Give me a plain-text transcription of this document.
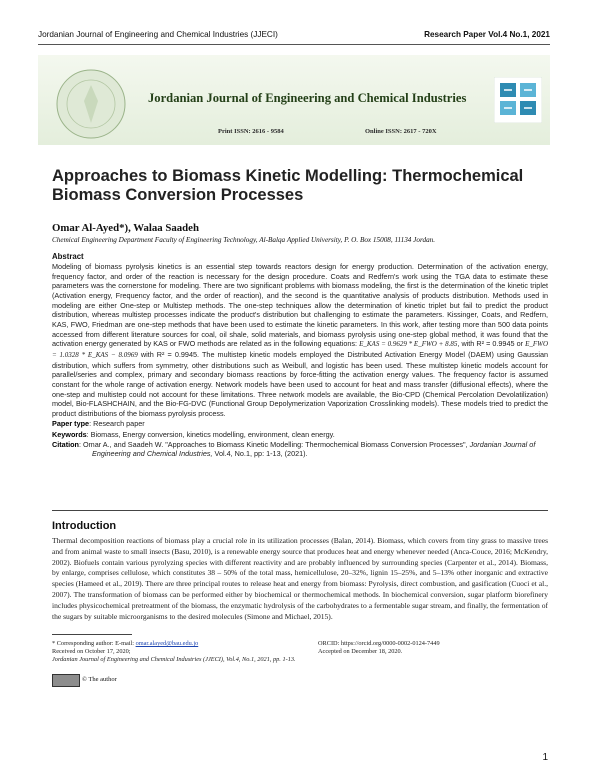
Jordanian Journal of Engineering and Chemical Industries (JJECI)	Research Paper Vol.4 No.1, 2021
Jordanian Journal of Engineering and Chemical Industries
Print ISSN: 2616 - 9584	Online ISSN: 2617 - 720X
Approaches to Biomass Kinetic Modelling: Thermochemical Biomass Conversion Processes
Omar Al-Ayed*), Walaa Saadeh
Chemical Engineering Department Faculty of Engineering Technology, Al-Balqa Applied University, P. O. Box 15008, 11134 Jordan.
Abstract
Modeling of biomass pyrolysis kinetics is an essential step towards reactors design for energy production. Determination of the activation energy, frequency factor, and order of the reaction is necessary for the design procedure. Coats and Redfern's work using the TGA data to estimate these parameters was the cornerstone for modeling. There are two significant problems with biomass modeling, the first is the determination of the kinetic triplet (Activation energy, Frequency factor, and the order of reaction), and the second is the quantitative analysis of products distribution. Methods used in modeling are either One-step or Multistep methods. The one-step techniques allow the determination of kinetic triplet but fail to predict the product distribution, whereas multistep processes indicate the product's distribution but challenging to estimate the parameters. Kissinger, Coats, and Redfern, KAS, FWO, Friedman are one-step methods that have been used to estimate the kinetic parameters. In this work, after testing more than 500 data points accessed from different literature sources for coal, oil shale, solid materials, and biomass pyrolysis using one-step global method, it was found that the activation energy generated by KAS or FWO methods are related as in the following equations: E_KAS = 0.9629 * E_FWO + 8.85, with R² = 0.9945 or E_FWO = 1.0328 * E_KAS − 8.0969 with R² = 0.9945. The multistep kinetic models employed the Distributed Activation Energy Model (DAEM) using Gaussian distribution, which suffers from symmetry, other distributions such as Weibull, and logistic has been used. These multistep kinetic models account for parallel/series and complex, primary and secondary biomass reactions by force-fitting the activation energy values. The frequency factor is assumed constant for the whole range of activation energy. Network models have been used to account for heat and mass transfer (diffusional effects), where the one-step and multistep could not account for these limitations. Three network models are available, the Bio-CPD (Chemical Percolation Devolatilization) model, Bio-FLASHCHAIN, and the Bio-FG-DVC (Functional Group Depolymerization Vaporization Crosslinking models). These models tried to predict the product distributions of the biomass pyrolysis process.
Paper type: Research paper
Keywords: Biomass, Energy conversion, kinetics modelling, environment, clean energy.
Citation: Omar A., and Saadeh W. "Approaches to Biomass Kinetic Modelling: Thermochemical Biomass Conversion Processes", Jordanian Journal of Engineering and Chemical Industries, Vol.4, No.1, pp: 1-13, (2021).
Introduction
Thermal decomposition reactions of biomass play a crucial role in its utilization processes (Balan, 2014). Biomass, which covers from tiny grass to massive trees and from animal waste to small insects (Basu, 2010), is a renewable energy source that produces heat and energy whenever needed (Anca-Couce, 2016; McKendry, 2002). Biofuels contain various pyrolyzing species with different reactivity and are probably influenced by surrounding species (Carpenter et al., 2014). Biomass, by enlarge, comprises cellulose, which constitutes 38 – 50% of the total mass, hemicellulose, 20–32%, lignin 15–25%, and 5–13% other inorganic and extractive species (Hameed et al., 2019). There are three principal routes to release heat and energy from biomass: Pyrolysis, direct combustion, and gasification (Cuoci et al., 2007). The transformation of biomass can be performed either by biochemical or thermochemical methods. In biochemical conversion, sugar platform biorefinery includes physicochemical pretreatment of the biomass, the enzymatic hydrolysis of the carbohydrates to a fermentable sugar stream, and finally, the fermentation of the sugars by suitable microorganisms to the desired molecules (Simone and Michael, 2015).
* Corresponding author: E-mail: omar.alayed@bau.edu.jo	ORCID: https://orcid.org/0000-0002-0124-7449
Received on October 17, 2020;	Accepted on December 18, 2020.
Jordanian Journal of Engineering and Chemical Industries (JJECI), Vol.4, No.1, 2021, pp. 1-13.
© The author
1
